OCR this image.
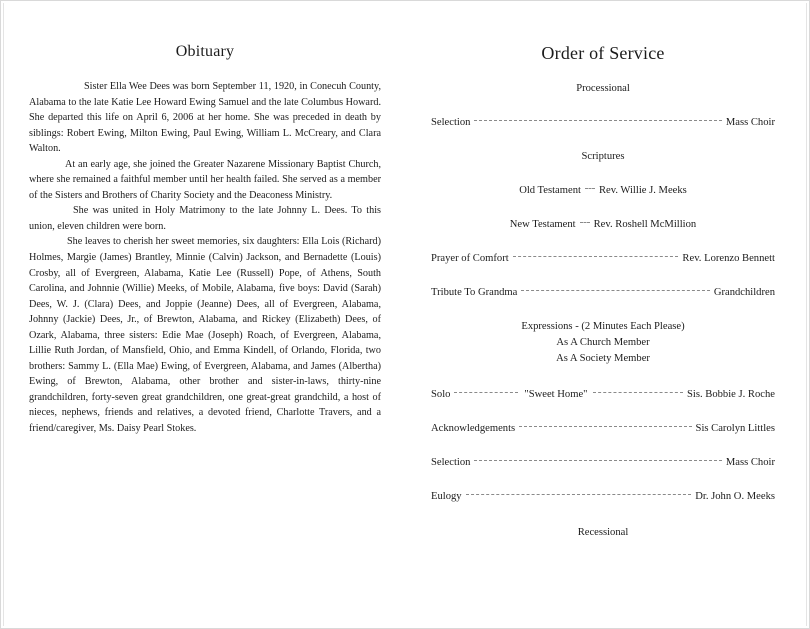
Obituary

Sister Ella Wee Dees was born September 11, 1920, in Conecuh County, Alabama to the late Katie Lee Howard Ewing Samuel and the late Columbus Howard. She departed this life on April 6, 2006 at her home. She was preceded in death by siblings: Robert Ewing, Milton Ewing, Paul Ewing, William L. McCreary, and Clara Walton.

At an early age, she joined the Greater Nazarene Missionary Baptist Church, where she remained a faithful member until her health failed. She served as a member of the Sisters and Brothers of Charity Society and the Deaconess Ministry.

She was united in Holy Matrimony to the late Johnny L. Dees. To this union, eleven children were born.

She leaves to cherish her sweet memories, six daughters: Ella Lois (Richard) Holmes, Margie (James) Brantley, Minnie (Calvin) Jackson, and Bernadette (Louis) Crosby, all of Evergreen, Alabama, Katie Lee (Russell) Pope, of Athens, South Carolina, and Johnnie (Willie) Meeks, of Mobile, Alabama, five boys: David (Sarah) Dees, W. J. (Clara) Dees, and Joppie (Jeanne) Dees, all of Evergreen, Alabama, Johnny (Jackie) Dees, Jr., of Brewton, Alabama, and Rickey (Elizabeth) Dees, of Ozark, Alabama, three sisters: Edie Mae (Joseph) Roach, of Evergreen, Alabama, Lillie Ruth Jordan, of Mansfield, Ohio, and Emma Kindell, of Orlando, Florida, two brothers: Sammy L. (Ella Mae) Ewing, of Evergreen, Alabama, and James (Albertha) Ewing, of Brewton, Alabama, other brother and sister-in-laws, thirty-nine grandchildren, forty-seven great grandchildren, one great-great grandchild, a host of nieces, nephews, friends and relatives, a devoted friend, Charlotte Travers, and a friend/caregiver, Ms. Daisy Pearl Stokes.

Order of Service
Processional
Selection	Mass Choir
Scriptures
Old Testament Rev. Willie J. Meeks
New Testament Rev. Roshell McMillion
Prayer of Comfort	Rev. Lorenzo Bennett
Tribute To Grandma	Grandchildren
Expressions - (2 Minutes Each Please)
As A Church Member
As A Society Member
Solo	"Sweet Home"	Sis. Bobbie J. Roche
Acknowledgements	Sis Carolyn Littles
Selection	Mass Choir
Eulogy	Dr. John O. Meeks
Recessional
